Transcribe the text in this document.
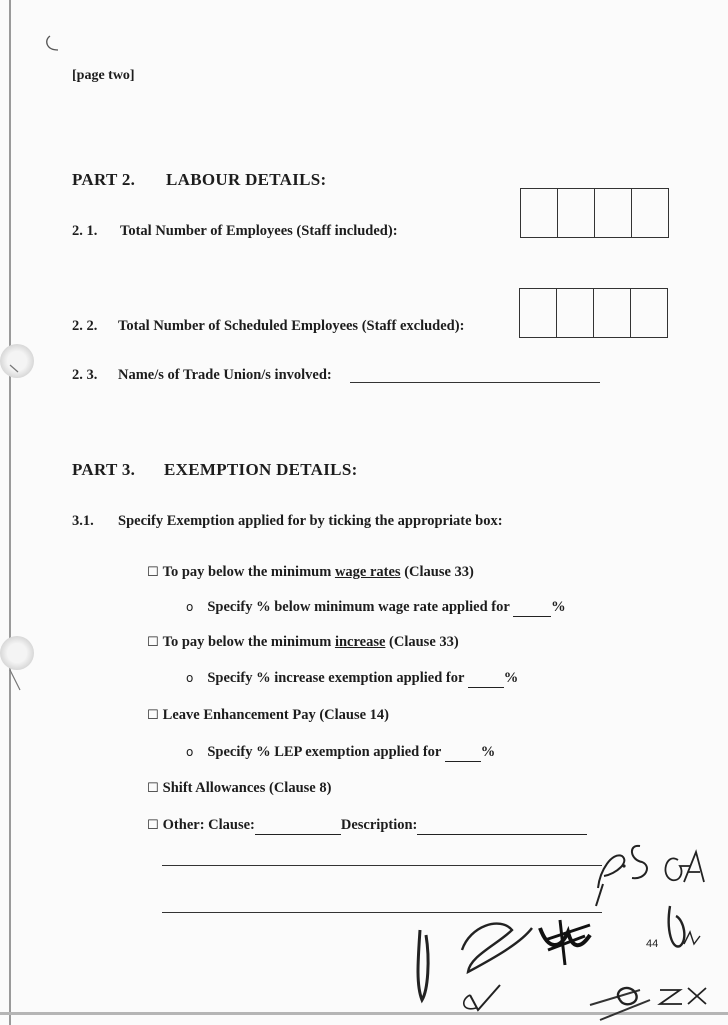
[page two]
PART 2. LABOUR DETAILS:
2. 1. Total Number of Employees (Staff included):
2. 2. Total Number of Scheduled Employees (Staff excluded):
2. 3. Name/s of Trade Union/s involved:
PART 3. EXEMPTION DETAILS:
3.1. Specify Exemption applied for by ticking the appropriate box:
☐ To pay below the minimum wage rates (Clause 33)
o Specify % below minimum wage rate applied for	%
☐ To pay below the minimum increase (Clause 33)
o Specify % increase exemption applied for	%
☐ Leave Enhancement Pay (Clause 14)
o Specify % LEP exemption applied for	%
☐ Shift Allowances (Clause 8)
☐ Other: Clause:	Description:
44
